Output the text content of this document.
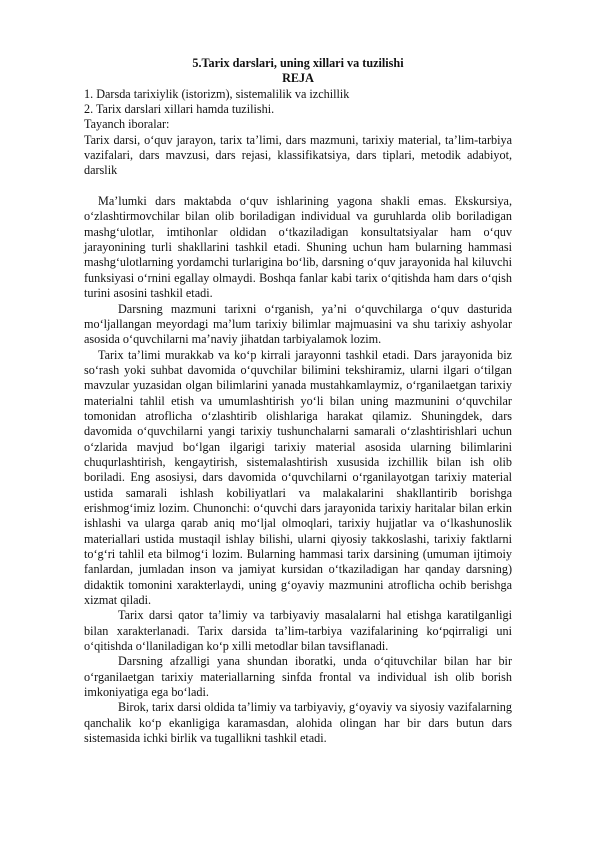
5.Tarix darslari, uning xillari va tuzilishi

REJA

1. Darsda tarixiylik (istorizm), sistemalilik va izchillik

2. Tarix darslari xillari hamda tuzilishi.

Tayanch iboralar:

Tarix darsi, o‘quv jarayon, tarix ta’limi, dars mazmuni, tarixiy material, ta’lim-tarbiya vazifalari, dars mavzusi, dars rejasi, klassifikatsiya, dars tiplari, metodik adabiyot, darslik

Ma’lumki dars maktabda o‘quv ishlarining yagona shakli emas. Ekskursiya, o‘zlashtirmovchilar bilan olib boriladigan individual va guruhlarda olib boriladigan mashg‘ulotlar, imtihonlar oldidan o‘tkaziladigan konsultatsiyalar ham o‘quv jarayonining turli shakllarini tashkil etadi. Shuning uchun ham bularning hammasi mashg‘ulotlarning yordamchi turlarigina bo‘lib, darsning o‘quv jarayonida hal kiluvchi funksiyasi o‘rnini egallay olmaydi. Boshqa fanlar kabi tarix o‘qitishda ham dars o‘qish turini asosini tashkil etadi.

Darsning mazmuni tarixni o‘rganish, ya’ni o‘quvchilarga o‘quv dasturida mo‘ljallangan meyordagi ma’lum tarixiy bilimlar majmuasini va shu tarixiy ashyolar asosida o‘quvchilarni ma’naviy jihatdan tarbiyalamok lozim.

Tarix ta’limi murakkab va ko‘p kirrali jarayonni tashkil etadi. Dars jarayonida biz so‘rash yoki suhbat davomida o‘quvchilar bilimini tekshiramiz, ularni ilgari o‘tilgan mavzular yuzasidan olgan bilimlarini yanada mustahkamlaymiz, o‘rganilaetgan tarixiy materialni tahlil etish va umumlashtirish yo‘li bilan uning mazmunini o‘quvchilar tomonidan atroflicha o‘zlashtirib olishlariga harakat qilamiz. Shuningdek, dars davomida o‘quvchilarni yangi tarixiy tushunchalarni samarali o‘zlashtirishlari uchun o‘zlarida mavjud bo‘lgan ilgarigi tarixiy material asosida ularning bilimlarini chuqurlashtirish, kengaytirish, sistemalashtirish xususida izchillik bilan ish olib boriladi. Eng asosiysi, dars davomida o‘quvchilarni o‘rganilayotgan tarixiy material ustida samarali ishlash kobiliyatlari va malakalarini shakllantirib borishga erishmog‘imiz lozim. Chunonchi: o‘quvchi dars jarayonida tarixiy haritalar bilan erkin ishlashi va ularga qarab aniq mo‘ljal olmoqlari, tarixiy hujjatlar va o‘lkashunoslik materiallari ustida mustaqil ishlay bilishi, ularni qiyosiy takkoslashi, tarixiy faktlarni to‘g‘ri tahlil eta bilmog‘i lozim. Bularning hammasi tarix darsining (umuman ijtimoiy fanlardan, jumladan inson va jamiyat kursidan o‘tkaziladigan har qanday darsning) didaktik tomonini xarakterlaydi, uning g‘oyaviy mazmunini atroflicha ochib berishga xizmat qiladi.

Tarix darsi qator ta’limiy va tarbiyaviy masalalarni hal etishga karatilganligi bilan xarakterlanadi. Tarix darsida ta’lim-tarbiya vazifalarining ko‘pqirraligi uni o‘qitishda o‘llaniladigan ko‘p xilli metodlar bilan tavsiflanadi.

Darsning afzalligi yana shundan iboratki, unda o‘qituvchilar bilan har bir o‘rganilaetgan tarixiy materiallarning sinfda frontal va individual ish olib borish imkoniyatiga ega bo‘ladi.

Birok, tarix darsi oldida ta’limiy va tarbiyaviy, g‘oyaviy va siyosiy vazifalarning qanchalik ko‘p ekanligiga karamasdan, alohida olingan har bir dars butun dars sistemasida ichki birlik va tugallikni tashkil etadi.
